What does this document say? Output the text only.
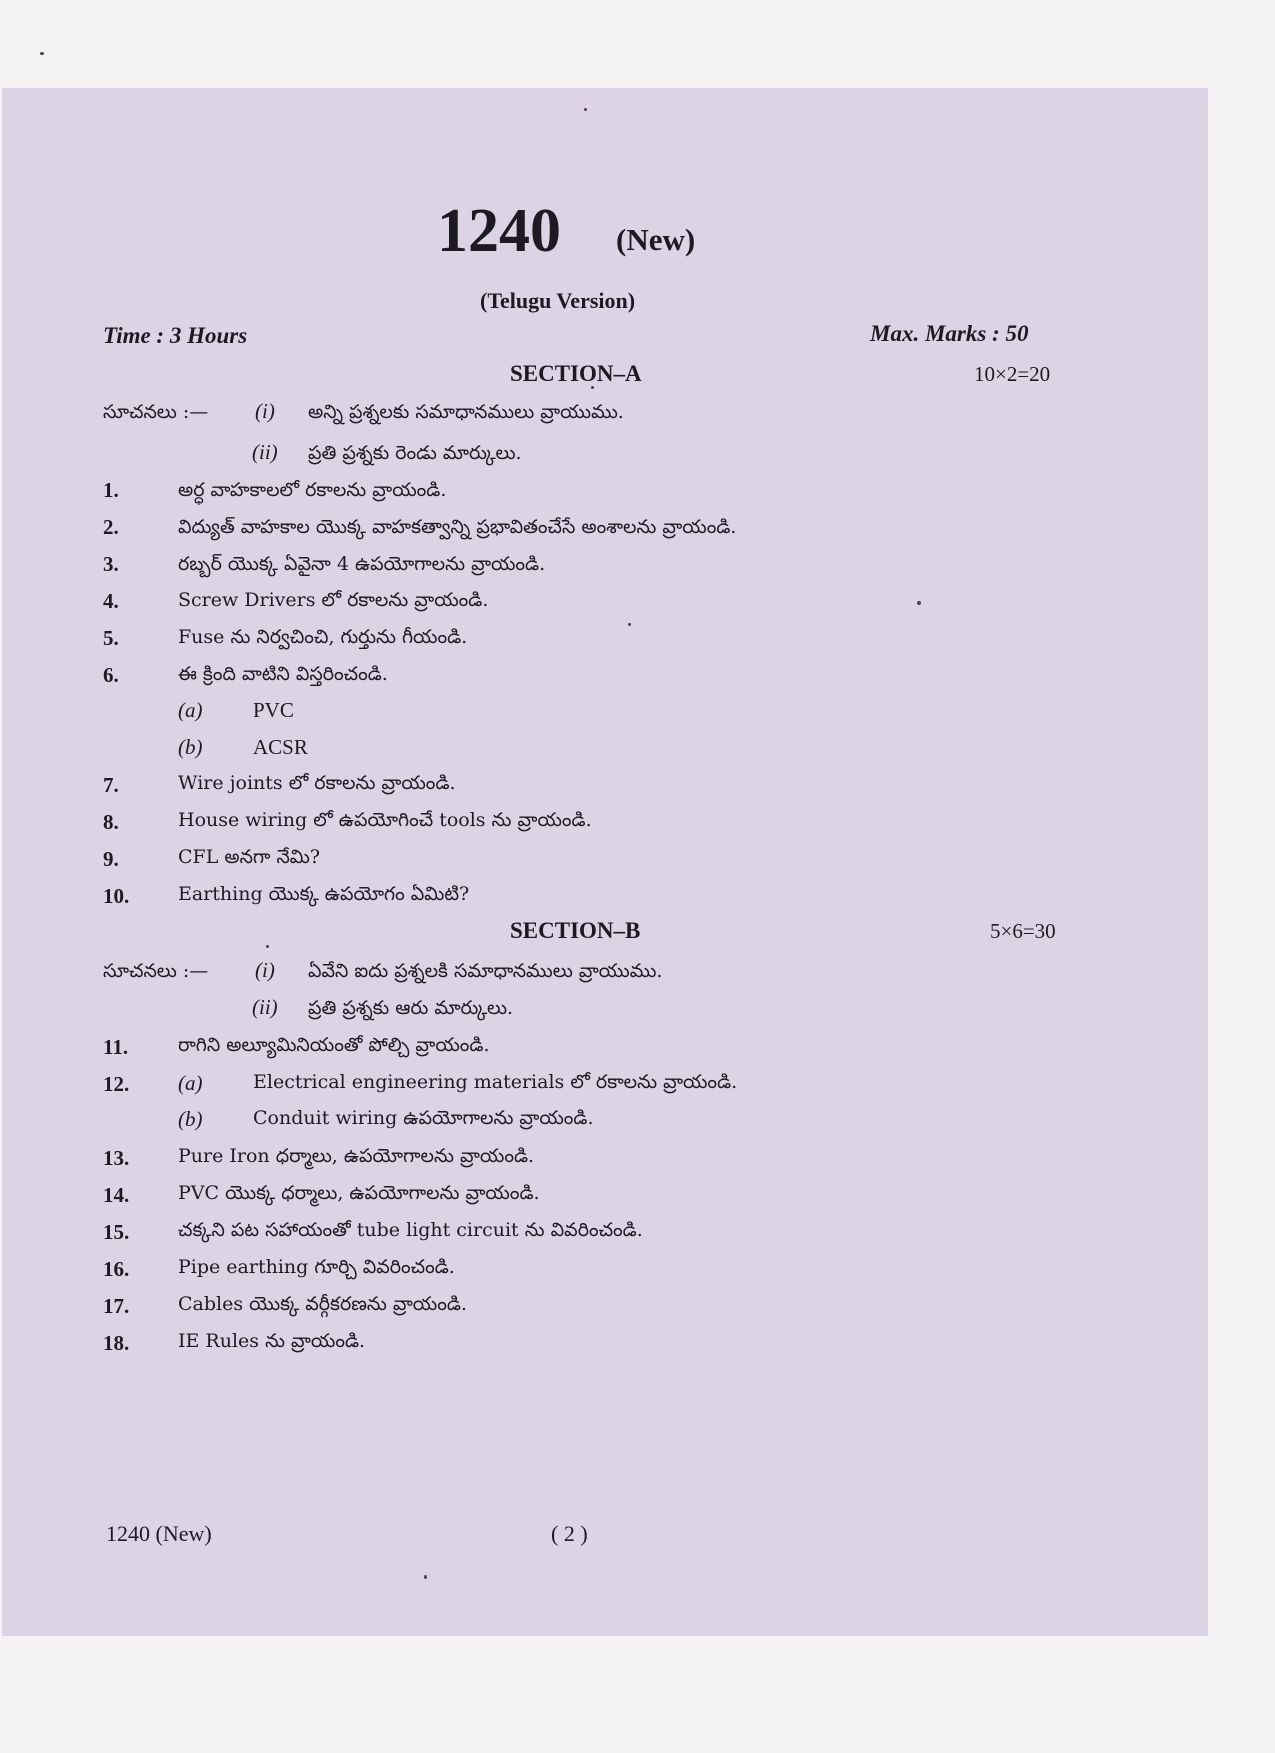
1240 (New)
(Telugu Version)
Time : 3 Hours	Max. Marks : 50
SECTION–A	10×2=20
సూచనలు :— (i) అన్ని ప్రశ్నలకు సమాధానములు వ్రాయుము.
(ii) ప్రతి ప్రశ్నకు రెండు మార్కులు.
1.	అర్ధ వాహకాలలో రకాలను వ్రాయండి.
2.	విద్యుత్ వాహకాల యొక్క వాహకత్వాన్ని ప్రభావితంచేసే అంశాలను వ్రాయండి.
3.	రబ్బర్ యొక్క ఏవైనా 4 ఉపయోగాలను వ్రాయండి.
4.	Screw Drivers లో రకాలను వ్రాయండి.
5.	Fuse ను నిర్వచించి, గుర్తును గీయండి.
6.	ఈ క్రింది వాటిని విస్తరించండి.
(a) PVC
(b) ACSR
7.	Wire joints లో రకాలను వ్రాయండి.
8.	House wiring లో ఉపయోగించే tools ను వ్రాయండి.
9.	CFL అనగా నేమి?
10.	Earthing యొక్క ఉపయోగం ఏమిటి?
SECTION–B	5×6=30
సూచనలు :— (i) ఏవేని ఐదు ప్రశ్నలకి సమాధానములు వ్రాయుము.
(ii) ప్రతి ప్రశ్నకు ఆరు మార్కులు.
11.	రాగిని అల్యూమినియంతో పోల్చి వ్రాయండి.
12. (a)	Electrical engineering materials లో రకాలను వ్రాయండి.
(b)	Conduit wiring ఉపయోగాలను వ్రాయండి.
13.	Pure Iron ధర్మాలు, ఉపయోగాలను వ్రాయండి.
14.	PVC యొక్క ధర్మాలు, ఉపయోగాలను వ్రాయండి.
15.	చక్కని పట సహాయంతో tube light circuit ను వివరించండి.
16.	Pipe earthing గూర్చి వివరించండి.
17.	Cables యొక్క వర్గీకరణను వ్రాయండి.
18.	IE Rules ను వ్రాయండి.
1240 (New)	( 2 )
